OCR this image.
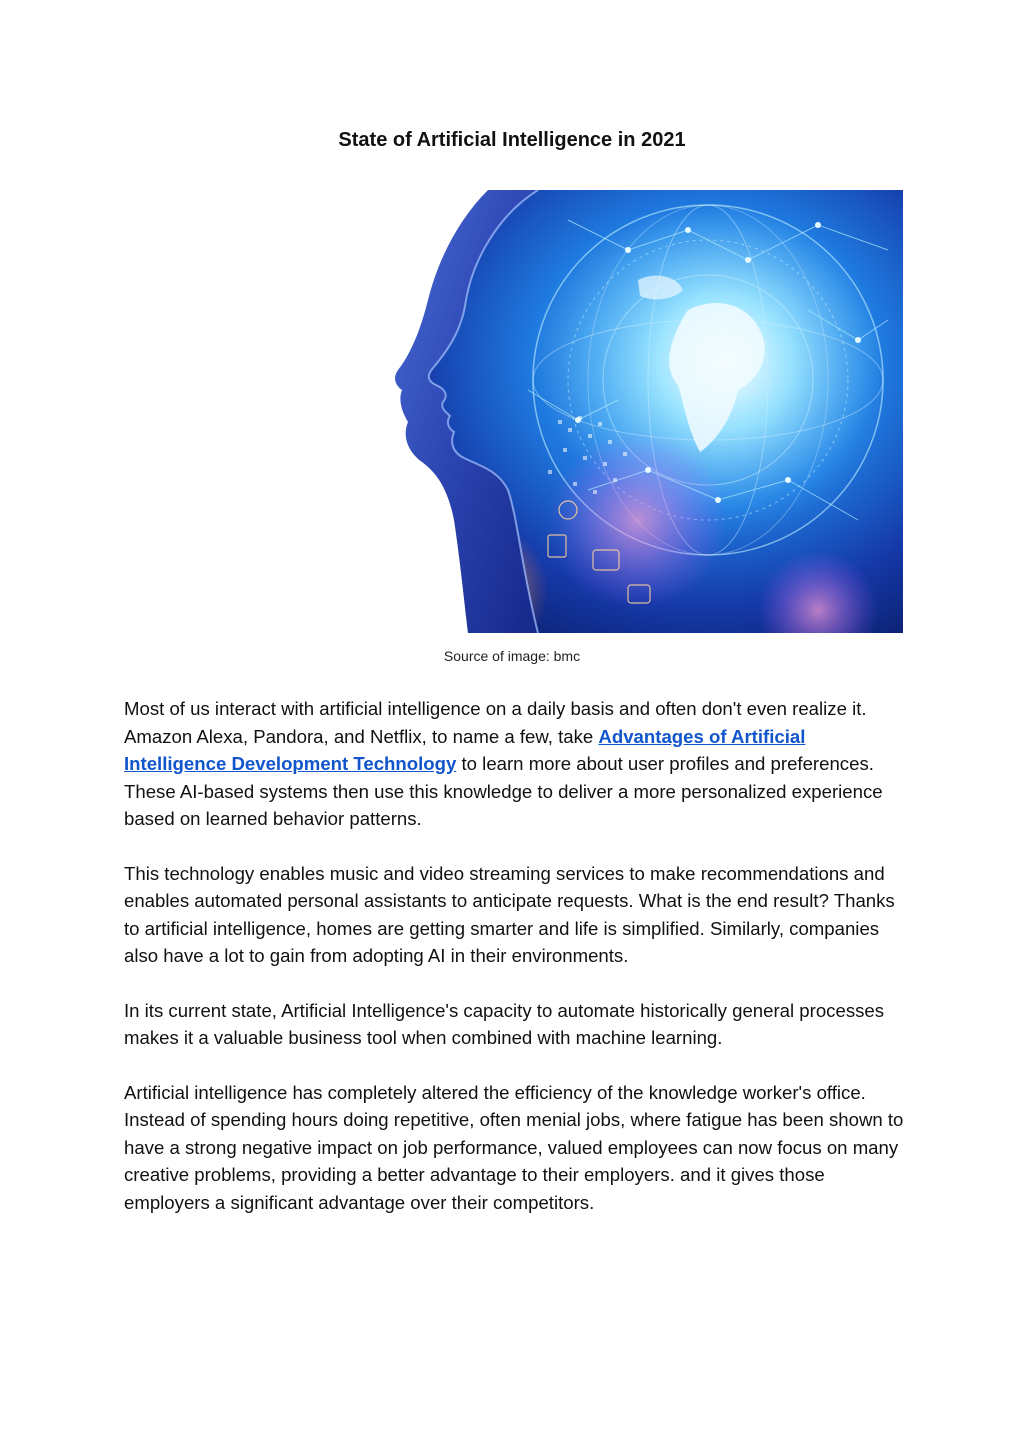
State of Artificial Intelligence in 2021

Source of image: bmc

Most of us interact with artificial intelligence on a daily basis and often don't even realize it. Amazon Alexa, Pandora, and Netflix, to name a few, take Advantages of Artificial Intelligence Development Technology to learn more about user profiles and preferences. These AI-based systems then use this knowledge to deliver a more personalized experience based on learned behavior patterns.

This technology enables music and video streaming services to make recommendations and enables automated personal assistants to anticipate requests. What is the end result? Thanks to artificial intelligence, homes are getting smarter and life is simplified. Similarly, companies also have a lot to gain from adopting AI in their environments.

In its current state, Artificial Intelligence's capacity to automate historically general processes makes it a valuable business tool when combined with machine learning.

Artificial intelligence has completely altered the efficiency of the knowledge worker's office. Instead of spending hours doing repetitive, often menial jobs, where fatigue has been shown to have a strong negative impact on job performance, valued employees can now focus on many creative problems, providing a better advantage to their employers. and it gives those employers a significant advantage over their competitors.
